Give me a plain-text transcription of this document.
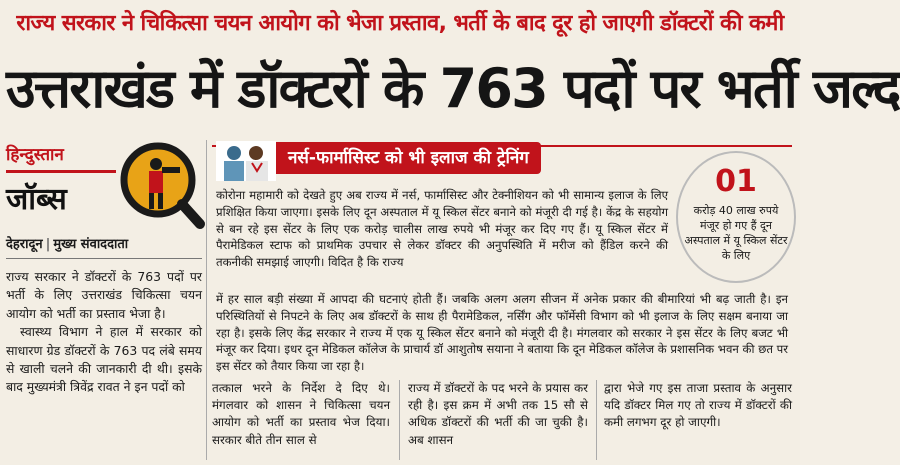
राज्य सरकार ने चिकित्सा चयन आयोग को भेजा प्रस्ताव, भर्ती के बाद दूर हो जाएगी डॉक्टरों की कमी
उत्तराखंड में डॉक्टरों के 763 पदों पर भर्ती जल्द
हिन्दुस्तान
जॉब्स
देहरादून | मुख्य संवाददाता

राज्य सरकार ने डॉक्टरों के 763 पदों पर भर्ती के लिए उत्तराखंड चिकित्सा चयन आयोग को भर्ती का प्रस्ताव भेजा है।

स्वास्थ्य विभाग ने हाल में सरकार को साधारण ग्रेड डॉक्टरों के 763 पद लंबे समय से खाली चलने की जानकारी दी थी। इसके बाद मुख्यमंत्री त्रिवेंद्र रावत ने इन पदों को

नर्स-फार्मासिस्ट को भी इलाज की ट्रेनिंग
कोरोना महामारी को देखते हुए अब राज्य में नर्स, फार्मासिस्ट और टेक्नीशियन को भी सामान्य इलाज के लिए प्रशिक्षित किया जाएगा। इसके लिए दून अस्पताल में यू स्किल सेंटर बनाने को मंजूरी दी गई है। केंद्र के सहयोग से बन रहे इस सेंटर के लिए एक करोड़ चालीस लाख रुपये भी मंजूर कर दिए गए हैं। यू स्किल सेंटर में पैरामेडिकल स्टाफ को प्राथमिक उपचार से लेकर डॉक्टर की अनुपस्थिति में मरीज को हैंडिल करने की तकनीकी समझाई जाएगी। विदित है कि राज्य
में हर साल बड़ी संख्या में आपदा की घटनाएं होती हैं। जबकि अलग अलग सीजन में अनेक प्रकार की बीमारियां भी बढ़ जाती है। इन परिस्थितियों से निपटने के लिए अब डॉक्टरों के साथ ही पैरामेडिकल, नर्सिंग और फॉर्मेसी विभाग को भी इलाज के लिए सक्षम बनाया जा रहा है। इसके लिए केंद्र सरकार ने राज्य में एक यू स्किल सेंटर बनाने को मंजूरी दी है। मंगलवार को सरकार ने इस सेंटर के लिए बजट भी मंजूर कर दिया। इधर दून मेडिकल कॉलेज के प्राचार्य डॉ आशुतोष सयाना ने बताया कि दून मेडिकल कॉलेज के प्रशासनिक भवन की छत पर इस सेंटर को तैयार किया जा रहा है।
01
करोड़ 40 लाख रुपये मंजूर हो गए हैं दून अस्पताल में यू स्किल सेंटर के लिए

तत्काल भरने के निर्देश दे दिए थे। मंगलवार को शासन ने चिकित्सा चयन आयोग को भर्ती का प्रस्ताव भेज दिया। सरकार बीते तीन साल से

राज्य में डॉक्टरों के पद भरने के प्रयास कर रही है। इस क्रम में अभी तक 15 सौ से अधिक डॉक्टरों की भर्ती की जा चुकी है। अब शासन

द्वारा भेजे गए इस ताजा प्रस्ताव के अनुसार यदि डॉक्टर मिल गए तो राज्य में डॉक्टरों की कमी लगभग दूर हो जाएगी।
